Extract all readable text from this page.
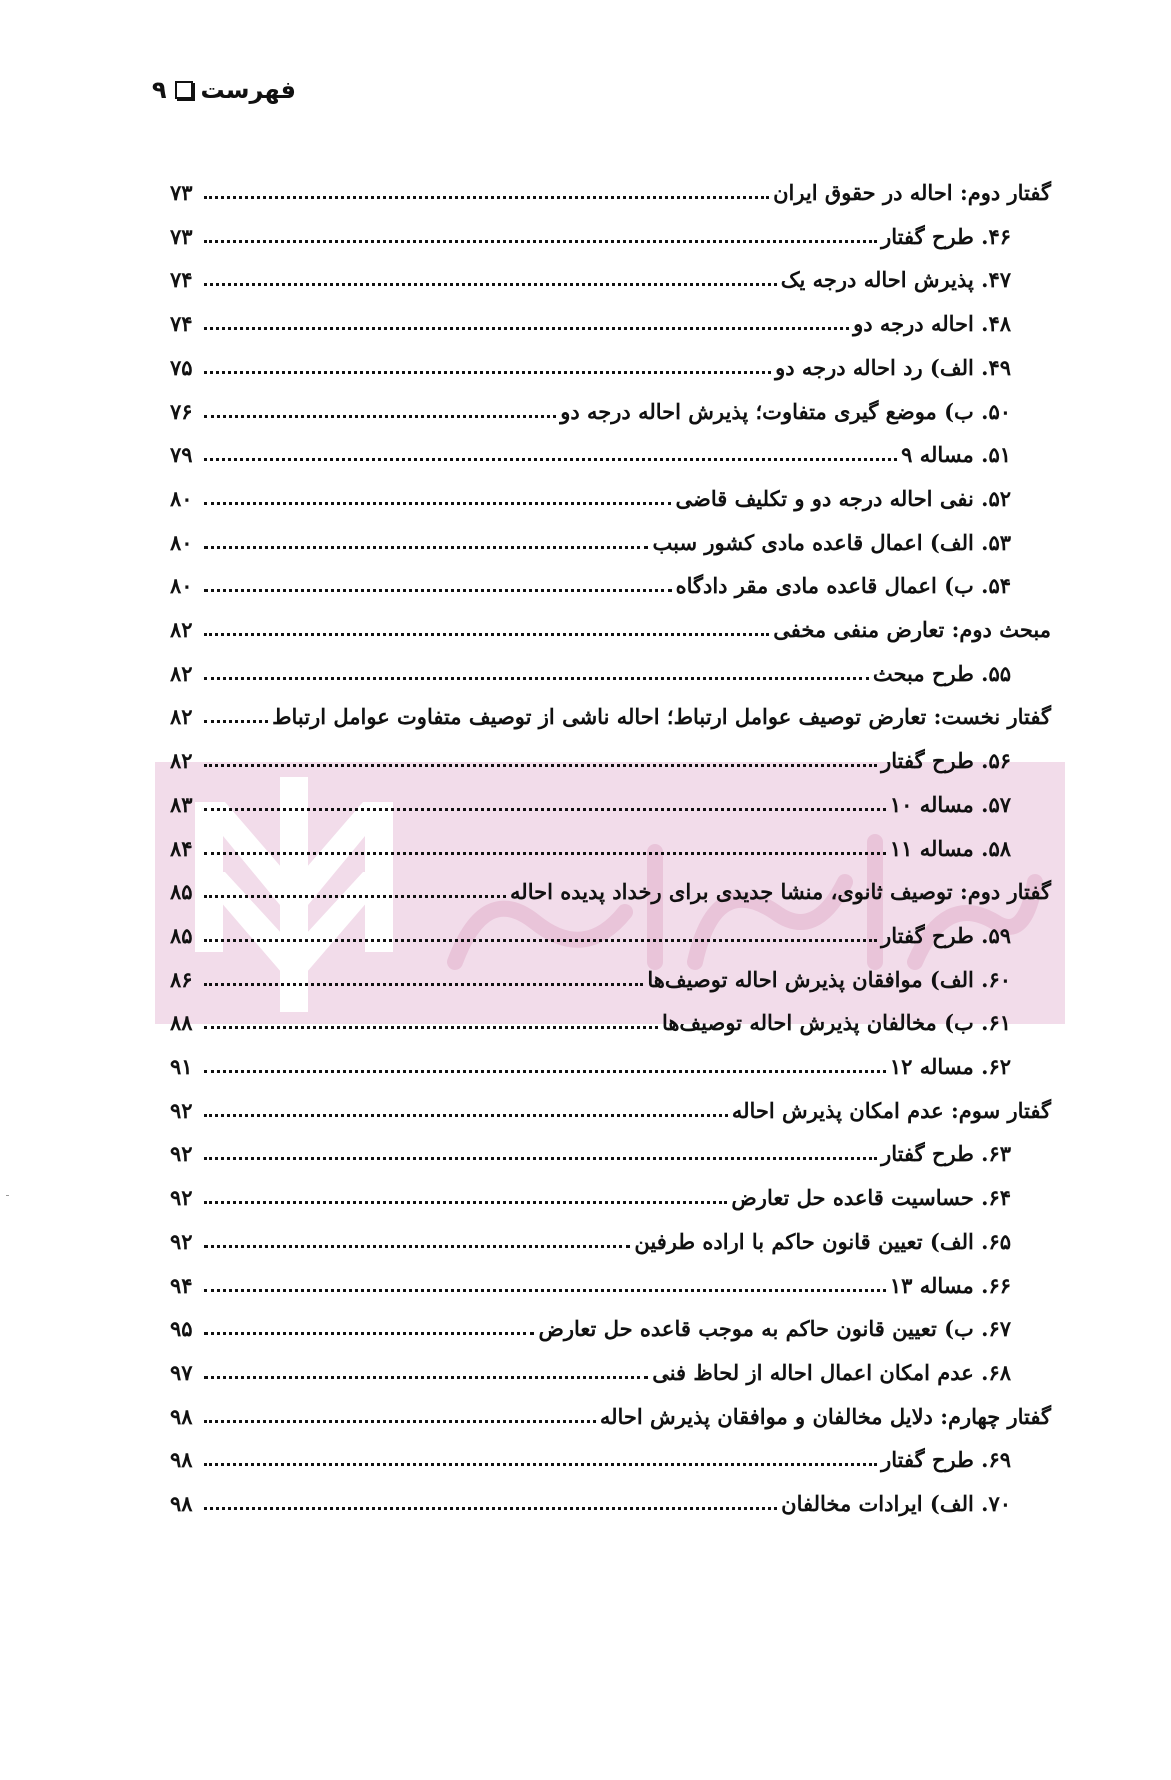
فهرست
۹
گفتار دوم: احاله در حقوق ایران
۷۳
۴۶. طرح گفتار
۷۳
۴۷. پذیرش احاله درجه یک
۷۴
۴۸. احاله درجه دو
۷۴
۴۹. الف) رد احاله درجه دو
۷۵
۵۰. ب) موضع گیری متفاوت؛ پذیرش احاله درجه دو
۷۶
۵۱. مساله ۹
۷۹
۵۲. نفی احاله درجه دو و تکلیف قاضی
۸۰
۵۳. الف) اعمال قاعده مادی کشور سبب
۸۰
۵۴. ب) اعمال قاعده مادی مقر دادگاه
۸۰
مبحث دوم: تعارض منفی مخفی
۸۲
۵۵. طرح مبحث
۸۲
گفتار نخست: تعارض توصیف عوامل ارتباط؛ احاله ناشی از توصیف متفاوت عوامل ارتباط
۸۲
۵۶. طرح گفتار
۸۲
۵۷. مساله ۱۰
۸۳
۵۸. مساله ۱۱
۸۴
گفتار دوم: توصیف ثانوی، منشا جدیدی برای رخداد پدیده احاله
۸۵
۵۹. طرح گفتار
۸۵
۶۰. الف) موافقان پذیرش احاله توصیف‌ها
۸۶
۶۱. ب) مخالفان پذیرش احاله توصیف‌ها
۸۸
۶۲. مساله ۱۲
۹۱
گفتار سوم: عدم امکان پذیرش احاله
۹۲
۶۳. طرح گفتار
۹۲
۶۴. حساسیت قاعده حل تعارض
۹۲
۶۵. الف) تعیین قانون حاکم با اراده طرفین
۹۲
۶۶. مساله ۱۳
۹۴
۶۷. ب) تعیین قانون حاکم به موجب قاعده حل تعارض
۹۵
۶۸. عدم امکان اعمال احاله از لحاظ فنی
۹۷
گفتار چهارم: دلایل مخالفان و موافقان پذیرش احاله
۹۸
۶۹. طرح گفتار
۹۸
۷۰. الف) ایرادات مخالفان
۹۸
